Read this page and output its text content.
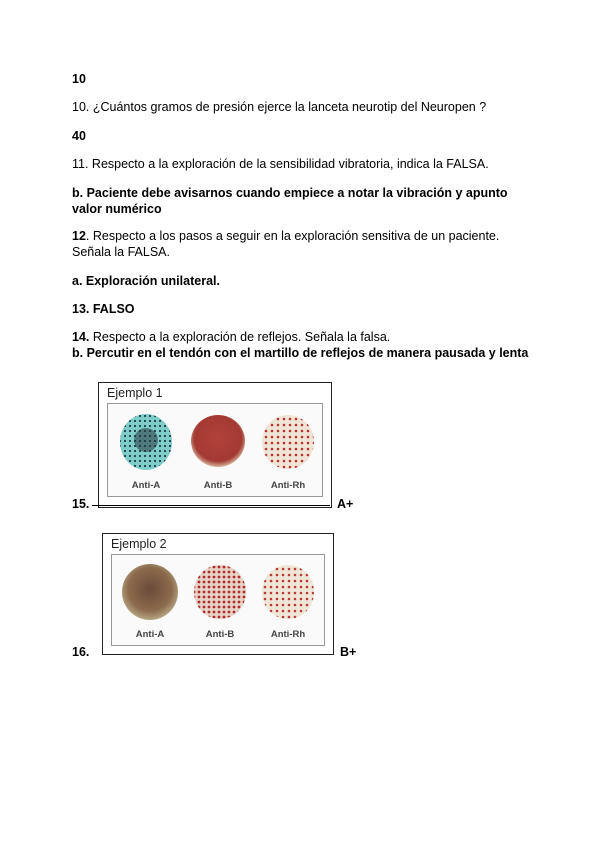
10
10. ¿Cuántos gramos de presión ejerce la lanceta neurotip del Neuropen ?
40
11. Respecto a la exploración de la sensibilidad vibratoria, indica la FALSA.
b. Paciente debe avisarnos cuando empiece a notar la vibración y apunto valor numérico
12. Respecto a los pasos a seguir en la exploración sensitiva de un paciente. Señala la FALSA.
a. Exploración unilateral.
13. FALSO
14. Respecto a la exploración de reflejos. Señala la falsa.
b. Percutir en el tendón con el martillo de reflejos de manera pausada y lenta
Ejemplo 1
Anti-A	Anti-B	Anti-Rh
15.	A+
Ejemplo 2
Anti-A	Anti-B	Anti-Rh
16.	B+
